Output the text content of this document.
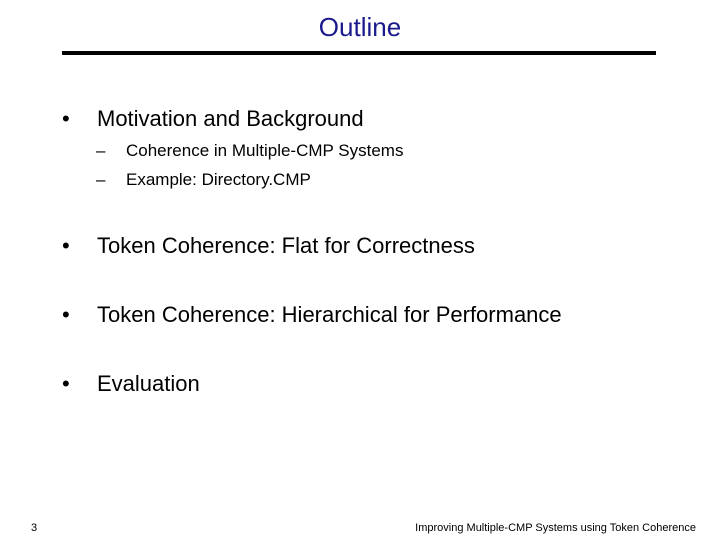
Outline
• Motivation and Background
– Coherence in Multiple-CMP Systems
– Example: Directory.CMP
• Token Coherence: Flat for Correctness
• Token Coherence: Hierarchical for Performance
• Evaluation
3	Improving Multiple-CMP Systems using Token Coherence
